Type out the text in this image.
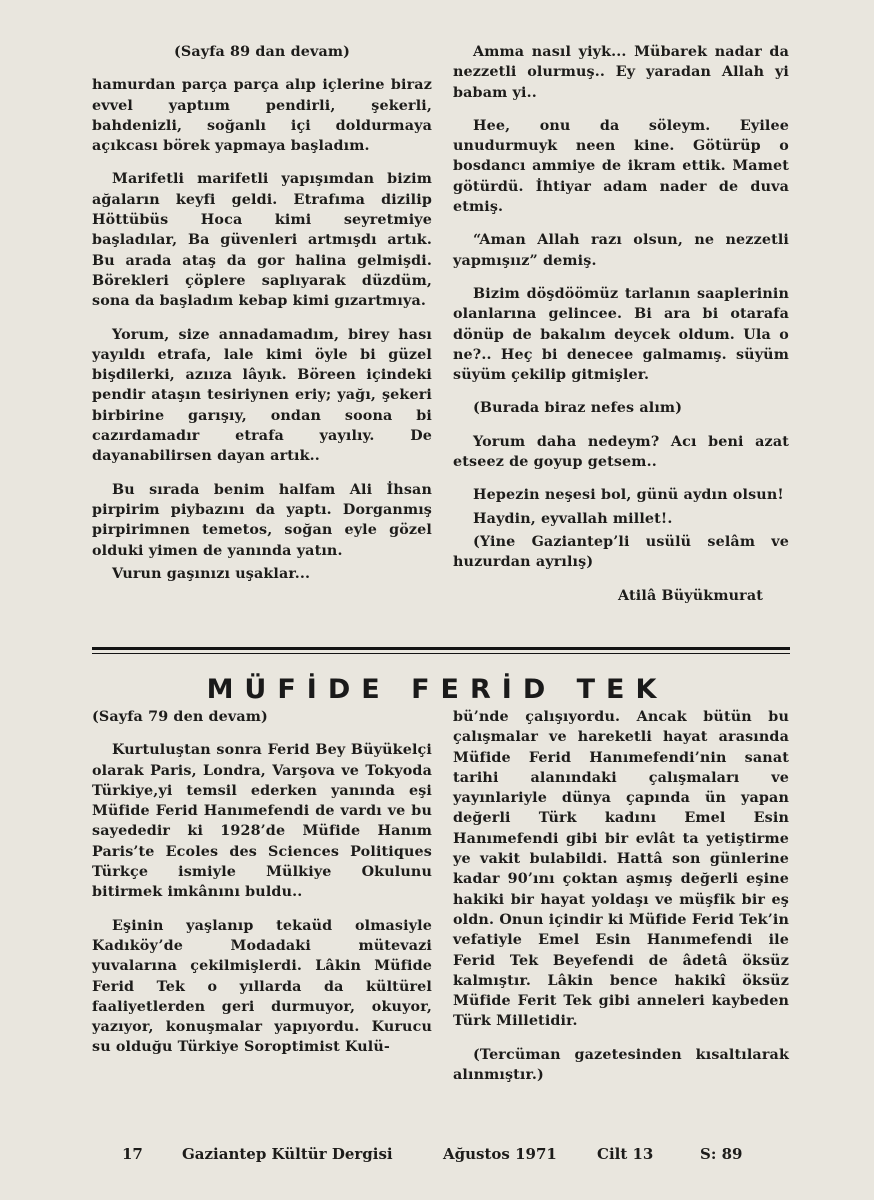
(Sayfa 89 dan devam)

hamurdan parça parça alıp içlerine biraz evvel yaptıım pendirli, şekerli, bahdenizli, soğanlı içi doldurmaya açıkcası börek yapmaya başladım.

Marifetli marifetli yapışımdan bizim ağaların keyfi geldi. Etrafıma dizilip Höttübüs Hoca kimi seyretmiye başladılar, Ba güvenleri artmışdı artık. Bu arada ataş da gor halina gelmişdi. Börekleri çöplere saplıyarak düzdüm, sona da başladım kebap kimi gızartmıya.

Yorum, size annadamadım, birey hası yayıldı etrafa, lale kimi öyle bi güzel bişdilerki, azııza lâyık. Böreen içindeki pendir ataşın tesiriynen eriy; yağı, şekeri birbirine garışıy, ondan soona bi cazırdamadır etrafa yayılıy. De dayanabilirsen dayan artık..

Bu sırada benim halfam Ali İhsan pirpirim piybazını da yaptı. Dorganmış pirpirimnen temetos, soğan eyle gözel olduki yimen de yanında yatın.

Vurun gaşınızı uşaklar...

Amma nasıl yiyk... Mübarek nadar da nezzetli olurmuş.. Ey yaradan Allah yi babam yi..

Hee, onu da söleym. Eyilee unudurmuyk neen kine. Götürüp o bosdancı ammiye de ikram ettik. Mamet götürdü. İhtiyar adam nader de duva etmiş.

“Aman Allah razı olsun, ne nezzetli yapmışıız” demiş.

Bizim döşdöömüz tarlanın saaplerinin olanlarına gelincee. Bi ara bi otarafa dönüp de bakalım deycek oldum. Ula o ne?.. Heç bi denecee galmamış. süyüm süyüm çekilip gitmişler.

(Burada biraz nefes alım)

Yorum daha nedeym? Acı beni azat etseez de goyup getsem..

Hepezin neşesi bol, günü aydın olsun!

Haydin, eyvallah millet!.

(Yine Gaziantep’li usülü selâm ve huzurdan ayrılış)

Atilâ Büyükmurat

MÜFİDE FERİD TEK

(Sayfa 79 den devam)

Kurtuluştan sonra Ferid Bey Büyükelçi olarak Paris, Londra, Varşova ve Tokyoda Türkiye,yi temsil ederken yanında eşi Müfide Ferid Hanımefendi de vardı ve bu sayededir ki 1928’de Müfide Hanım Paris’te Ecoles des Sciences Politiques Türkçe ismiyle Mülkiye Okulunu bitirmek imkânını buldu..

Eşinin yaşlanıp tekaüd olmasiyle Kadıköy’de Modadaki mütevazi yuvalarına çekilmişlerdi. Lâkin Müfide Ferid Tek o yıllarda da kültürel faaliyetlerden geri durmuyor, okuyor, yazıyor, konuşmalar yapıyordu. Kurucu su olduğu Türkiye Soroptimist Kulü-

bü’nde çalışıyordu. Ancak bütün bu çalışmalar ve hareketli hayat arasında Müfide Ferid Hanımefendi’nin sanat tarihi alanındaki çalışmaları ve yayınlariyle dünya çapında ün yapan değerli Türk kadını Emel Esin Hanımefendi gibi bir evlât ta yetiştirme ye vakit bulabildi. Hattâ son günlerine kadar 90’ını çoktan aşmış değerli eşine hakiki bir hayat yoldaşı ve müşfik bir eş oldn. Onun içindir ki Müfide Ferid Tek’in vefatiyle Emel Esin Hanımefendi ile Ferid Tek Beyefendi de âdetâ öksüz kalmıştır. Lâkin bence hakikî öksüz Müfide Ferit Tek gibi anneleri kaybeden Türk Milletidir.

(Tercüman gazetesinden kısaltılarak alınmıştır.)

17	Gaziantep Kültür Dergisi	Ağustos 1971	Cilt 13	S: 89
